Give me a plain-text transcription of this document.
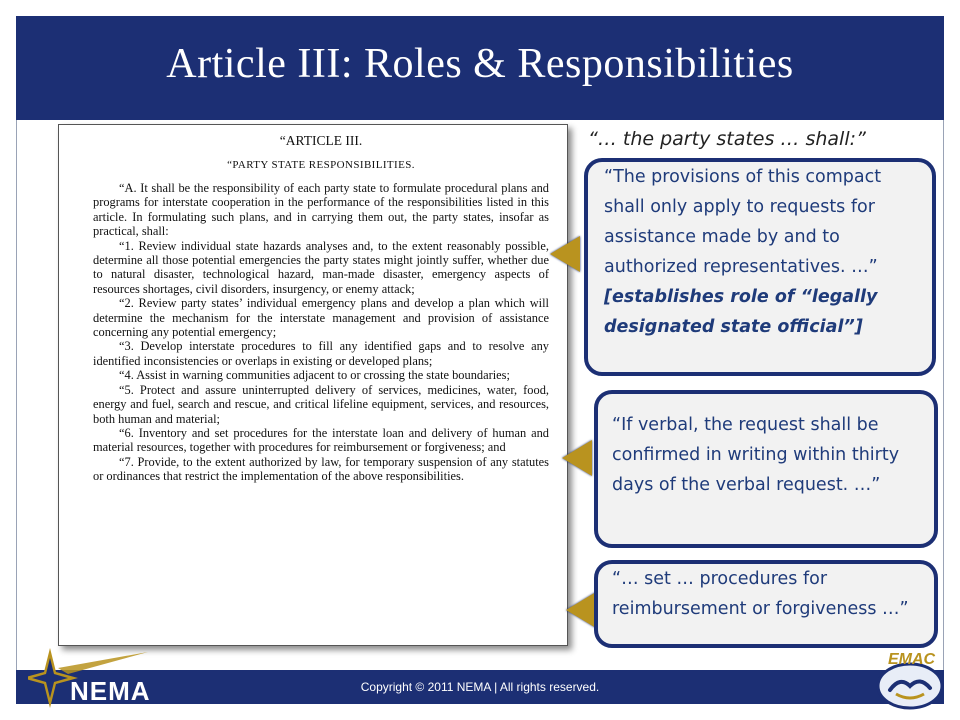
Article III: Roles & Responsibilities
“ARTICLE III.
“PARTY STATE RESPONSIBILITIES.

“A. It shall be the responsibility of each party state to formulate procedural plans and programs for interstate cooperation in the performance of the responsibilities listed in this article. In formulating such plans, and in carrying them out, the party states, insofar as practical, shall:

“1. Review individual state hazards analyses and, to the extent reasonably possible, determine all those potential emergencies the party states might jointly suffer, whether due to natural disaster, technological hazard, man-made disaster, emergency aspects of resources shortages, civil disorders, insurgency, or enemy attack;

“2. Review party states’ individual emergency plans and develop a plan which will determine the mechanism for the interstate management and provision of assistance concerning any potential emergency;

“3. Develop interstate procedures to fill any identified gaps and to resolve any identified inconsistencies or overlaps in existing or developed plans;

“4. Assist in warning communities adjacent to or crossing the state boundaries;

“5. Protect and assure uninterrupted delivery of services, medicines, water, food, energy and fuel, search and rescue, and critical lifeline equipment, services, and resources, both human and material;

“6. Inventory and set procedures for the interstate loan and delivery of human and material resources, together with procedures for reimbursement or forgiveness; and

“7. Provide, to the extent authorized by law, for temporary suspension of any statutes or ordinances that restrict the implementation of the above responsibilities.

“… the party states … shall:”
“The provisions of this compact shall only apply to requests for assistance made by and to authorized representatives. …”
[establishes role of “legally designated state official”]
“If verbal, the request shall be confirmed in writing within thirty days of the verbal request. …”
“… set … procedures for reimbursement or forgiveness …”
Copyright © 2011 NEMA | All rights reserved.
NEMA
EMAC
